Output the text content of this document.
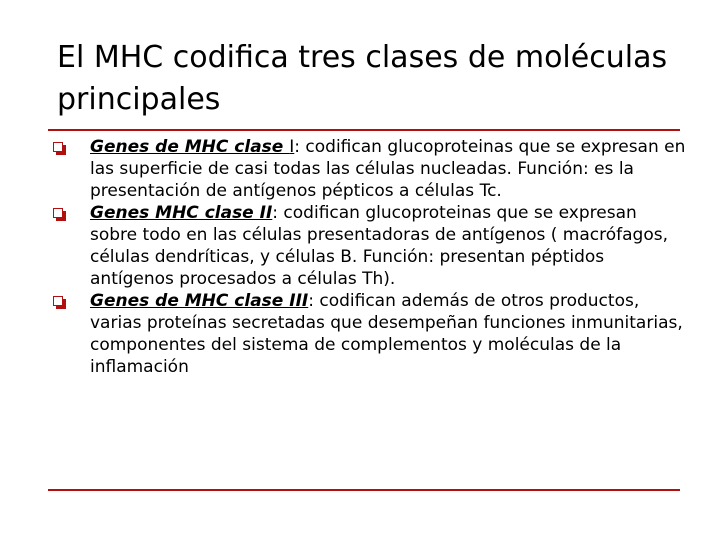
El MHC codifica tres clases de moléculas principales
Genes de MHC clase I: codifican glucoproteinas que se expresan en las superficie de casi todas las células nucleadas. Función: es la presentación de antígenos pépticos a células Tc.
Genes MHC clase II: codifican glucoproteinas que se expresan sobre todo en las células presentadoras de antígenos ( macrófagos, células dendríticas, y células B. Función: presentan péptidos antígenos procesados a células Th).
Genes de MHC clase III: codifican además de otros productos, varias proteínas secretadas que desempeñan funciones inmunitarias, componentes del sistema de complementos y moléculas de la inflamación
